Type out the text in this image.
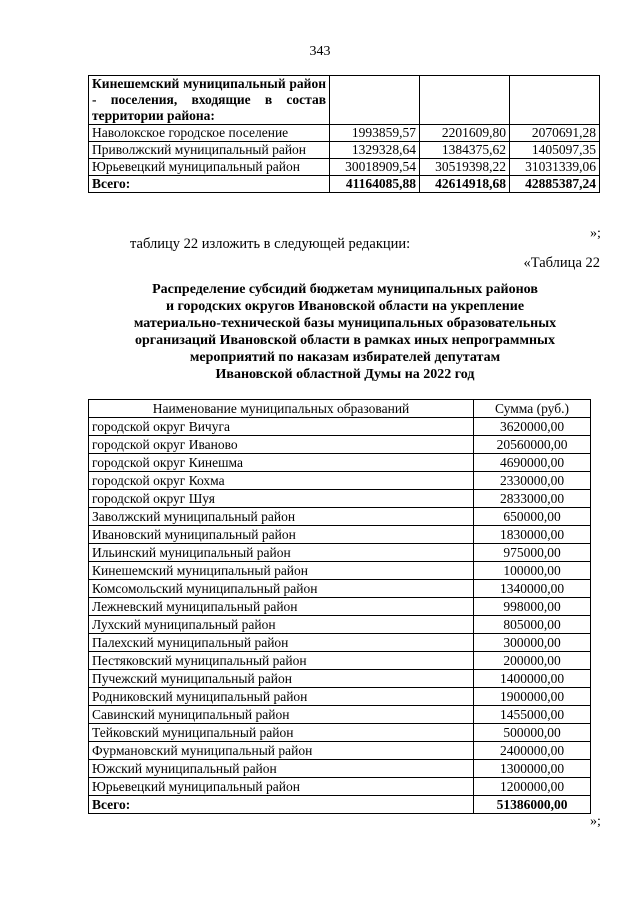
343
Кинешемский муниципальный район - поселения, входящие в состав территории района:			
Наволокское городское поселение	1993859,57	2201609,80	2070691,28
Приволжский муниципальный район	1329328,64	1384375,62	1405097,35
Юрьевецкий муниципальный район	30018909,54	30519398,22	31031339,06
Всего:	41164085,88	42614918,68	42885387,24
»;
таблицу 22 изложить в следующей редакции:
«Таблица 22
Распределение субсидий бюджетам муниципальных районов
и городских округов Ивановской области на укрепление
материально-технической базы муниципальных образовательных
организаций Ивановской области в рамках иных непрограммных
мероприятий по наказам избирателей депутатам
Ивановской областной Думы на 2022 год
Наименование муниципальных образований	Сумма (руб.)
городской округ Вичуга	3620000,00
городской округ Иваново	20560000,00
городской округ Кинешма	4690000,00
городской округ Кохма	2330000,00
городской округ Шуя	2833000,00
Заволжский муниципальный район	650000,00
Ивановский муниципальный район	1830000,00
Ильинский муниципальный район	975000,00
Кинешемский муниципальный район	100000,00
Комсомольский муниципальный район	1340000,00
Лежневский муниципальный район	998000,00
Лухский муниципальный район	805000,00
Палехский муниципальный район	300000,00
Пестяковский муниципальный район	200000,00
Пучежский муниципальный район	1400000,00
Родниковский муниципальный район	1900000,00
Савинский муниципальный район	1455000,00
Тейковский муниципальный район	500000,00
Фурмановский муниципальный район	2400000,00
Южский муниципальный район	1300000,00
Юрьевецкий муниципальный район	1200000,00
Всего:	51386000,00
»;
